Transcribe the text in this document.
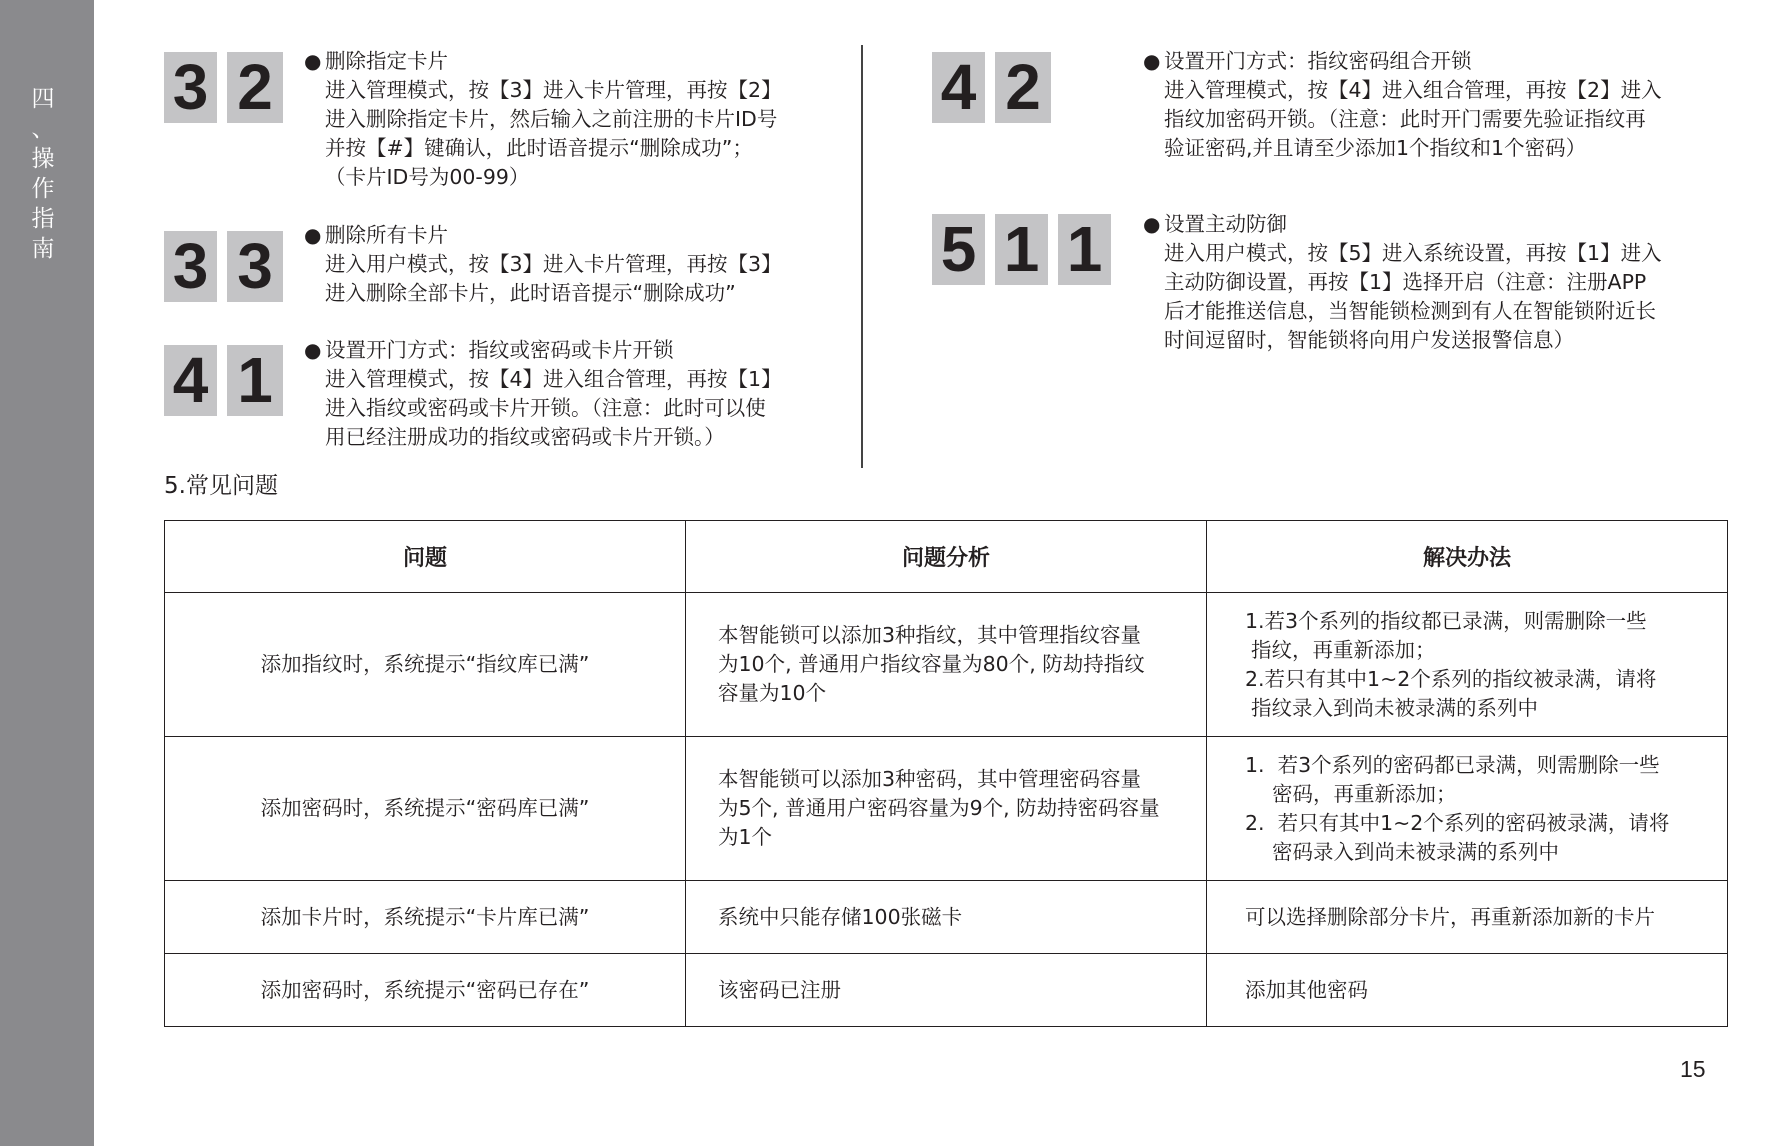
四
、
操
作
指
南
3 2	● 删除指定卡片
进入管理模式，按【3】进入卡片管理，再按【2】
进入删除指定卡片，然后输入之前注册的卡片ID号
并按【#】键确认，此时语音提示“删除成功”；
（卡片ID号为00-99）
3 3	● 删除所有卡片
进入用户模式，按【3】进入卡片管理，再按【3】
进入删除全部卡片，此时语音提示“删除成功”
4 1	● 设置开门方式：指纹或密码或卡片开锁
进入管理模式，按【4】进入组合管理，再按【1】
进入指纹或密码或卡片开锁。（注意：此时可以使
用已经注册成功的指纹或密码或卡片开锁。）
4 2	● 设置开门方式：指纹密码组合开锁
进入管理模式，按【4】进入组合管理，再按【2】进入
指纹加密码开锁。（注意：此时开门需要先验证指纹再
验证密码,并且请至少添加1个指纹和1个密码）
5 1 1	● 设置主动防御
进入用户模式，按【5】进入系统设置，再按【1】进入
主动防御设置，再按【1】选择开启（注意：注册APP
后才能推送信息，当智能锁检测到有人在智能锁附近长
时间逗留时，智能锁将向用户发送报警信息）
5.常见问题
问题	问题分析	解决办法
添加指纹时，系统提示“指纹库已满”	本智能锁可以添加3种指纹，其中管理指纹容量
为10个, 普通用户指纹容量为80个, 防劫持指纹
容量为10个	1.若3个系列的指纹都已录满，则需删除一些
指纹，再重新添加；
2.若只有其中1~2个系列的指纹被录满，请将
指纹录入到尚未被录满的系列中

添加密码时，系统提示“密码库已满”	本智能锁可以添加3种密码，其中管理密码容量
为5个, 普通用户密码容量为9个, 防劫持密码容量
为1个	1.  若3个系列的密码都已录满，则需删除一些
密码，再重新添加；
2.  若只有其中1~2个系列的密码被录满，请将
密码录入到尚未被录满的系列中

添加卡片时，系统提示“卡片库已满”	系统中只能存储100张磁卡	可以选择删除部分卡片，再重新添加新的卡片

添加密码时，系统提示“密码已存在”	该密码已注册	添加其他密码
15
